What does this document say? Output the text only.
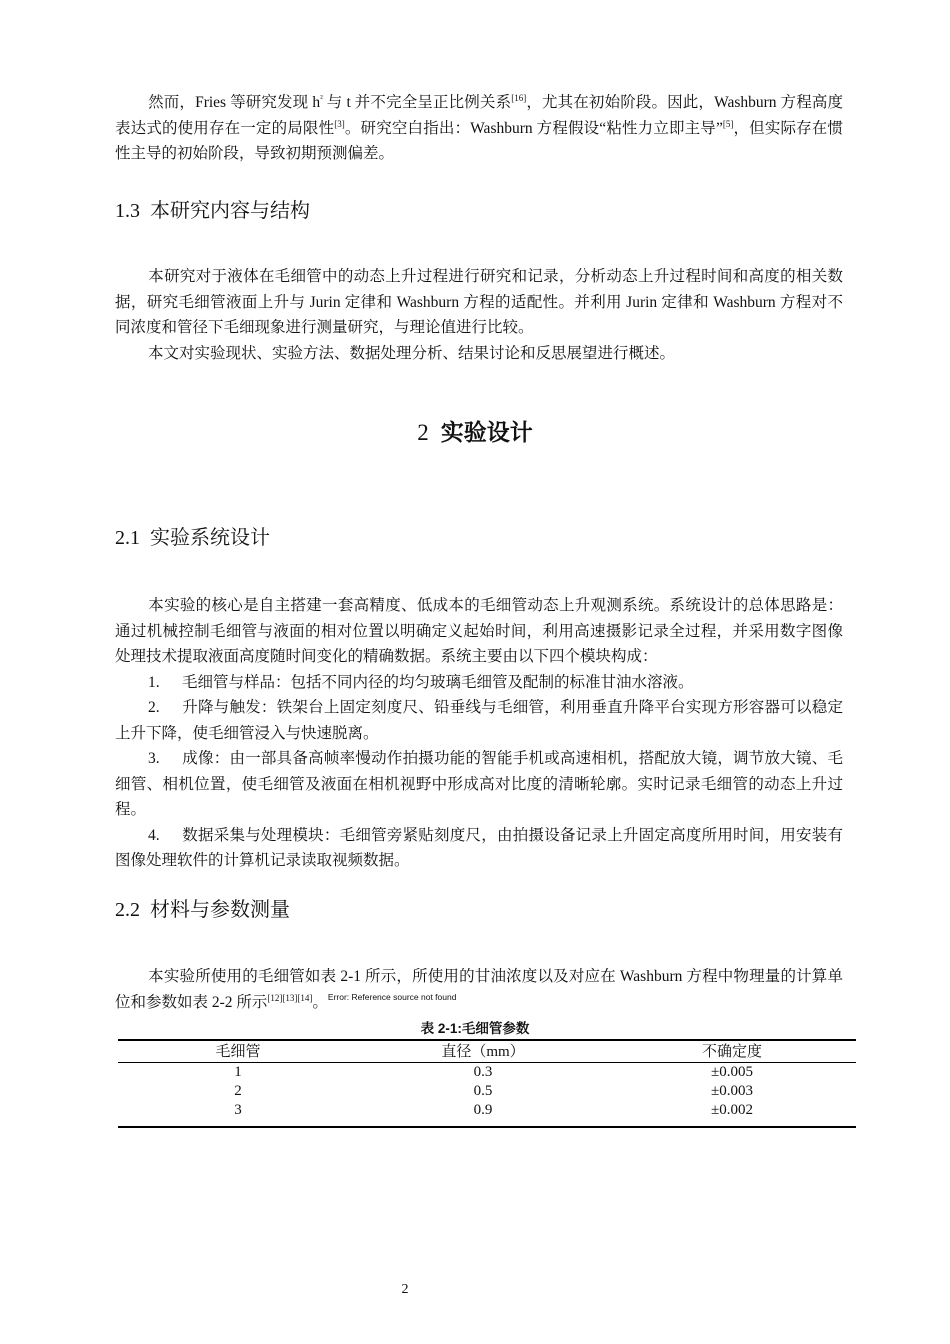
然而，Fries 等研究发现 $h^{^2}$ 与 t 并不完全呈正比例关系[16]，尤其在初始阶段。因此，Washburn 方程高度表达式的使用存在一定的局限性[3]。研究空白指出：Washburn 方程假设“粘性力立即主导”[5]，但实际存在惯性主导的初始阶段，导致初期预测偏差。

1.3 本研究内容与结构

本研究对于液体在毛细管中的动态上升过程进行研究和记录，分析动态上升过程时间和高度的相关数据，研究毛细管液面上升与 Jurin 定律和 Washburn 方程的适配性。并利用 Jurin 定律和 Washburn 方程对不同浓度和管径下毛细现象进行测量研究，与理论值进行比较。

本文对实验现状、实验方法、数据处理分析、结果讨论和反思展望进行概述。

2 实验设计
2.1 实验系统设计
本实验的核心是自主搭建一套高精度、低成本的毛细管动态上升观测系统。系统设计的总体思路是：通过机械控制毛细管与液面的相对位置以明确定义起始时间，利用高速摄影记录全过程，并采用数字图像处理技术提取液面高度随时间变化的精确数据。系统主要由以下四个模块构成：
1. 毛细管与样品：包括不同内径的均匀玻璃毛细管及配制的标准甘油水溶液。
2. 升降与触发：铁架台上固定刻度尺、铅垂线与毛细管，利用垂直升降平台实现方形容器可以稳定上升下降，使毛细管浸入与快速脱离。
3. 成像：由一部具备高帧率慢动作拍摄功能的智能手机或高速相机，搭配放大镜，调节放大镜、毛细管、相机位置，使毛细管及液面在相机视野中形成高对比度的清晰轮廓。实时记录毛细管的动态上升过程。
4. 数据采集与处理模块：毛细管旁紧贴刻度尺，由拍摄设备记录上升固定高度所用时间，用安装有图像处理软件的计算机记录读取视频数据。
2.2 材料与参数测量

本实验所使用的毛细管如表 2-1 所示，所使用的甘油浓度以及对应在 Washburn 方程中物理量的计算单位和参数如表 2-2 所示[12][13][14]。$^{Error: Reference source not found}$

表 2-1:毛细管参数
毛细管	直径（mm）	不确定度
1	0.3	±0.005
2	0.5	±0.003
3	0.9	±0.002
2
